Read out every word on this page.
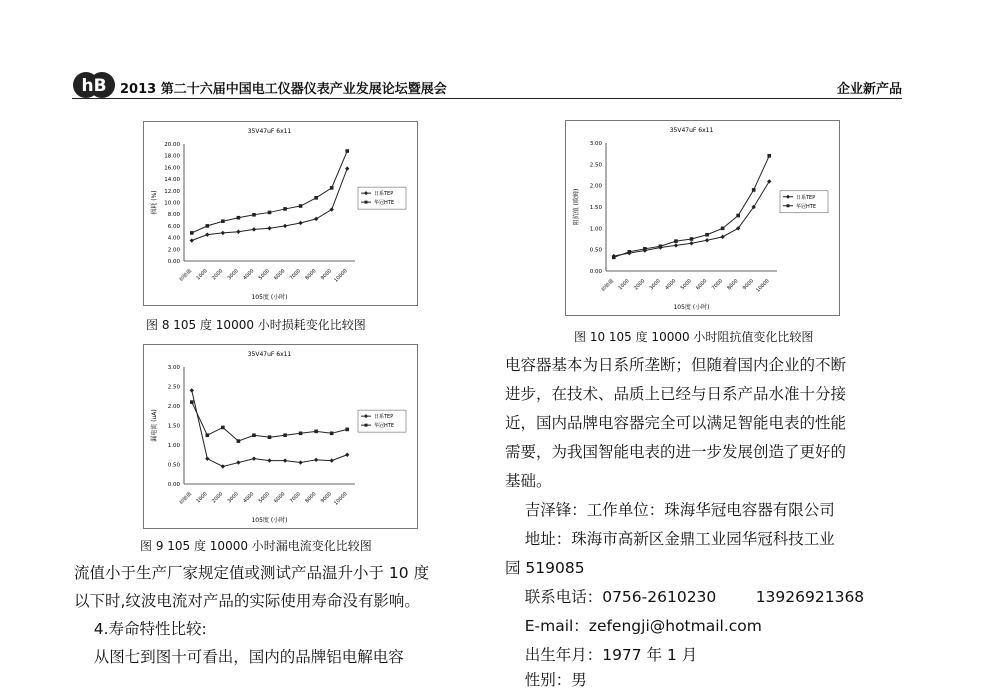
hB 2013 第二十六届中国电工仪器仪表产业发展论坛暨展会	企业新产品
35V47uF 6x11
0.00
2.00
4.00
6.00
8.00
10.00
12.00
14.00
16.00
18.00
20.00
损耗 (%)
初始值 1000 2000 3000 4000 5000 6000 7000 8000 9000 10000
105度 (小时)
日系TEP
华冠HTE
图 8 105 度 10000 小时损耗变化比较图
35V47uF 6x11
0.00
0.50
1.00
1.50
2.00
2.50
3.00
漏电流 (uA)
初始值 1000 2000 3000 4000 5000 6000 7000 8000 9000 10000
105度 (小时)
日系TEP
华冠HTE
图 9 105 度 10000 小时漏电流变化比较图
35V47uF 6x11
0.00
0.50
1.00
1.50
2.00
2.50
3.00
阻抗值 (欧姆)
初始值 1000 2000 3000 4000 5000 6000 7000 8000 9000 10000
105度 (小时)
日系TEP
华冠HTE
图 10 105 度 10000 小时阻抗值变化比较图
流值小于生产厂家规定值或测试产品温升小于 10 度
以下时,纹波电流对产品的实际使用寿命没有影响。
4.寿命特性比较:
从图七到图十可看出，国内的品牌铝电解电容
电容器基本为日系所垄断；但随着国内企业的不断
进步，在技术、品质上已经与日系产品水准十分接
近，国内品牌电容器完全可以满足智能电表的性能
需要，为我国智能电表的进一步发展创造了更好的
基础。
吉泽锋：工作单位：珠海华冠电容器有限公司
地址：珠海市高新区金鼎工业园华冠科技工业
园 519085
联系电话：0756-2610230        13926921368
E-mail：zefengji@hotmail.com
出生年月：1977 年 1 月
性别：男
